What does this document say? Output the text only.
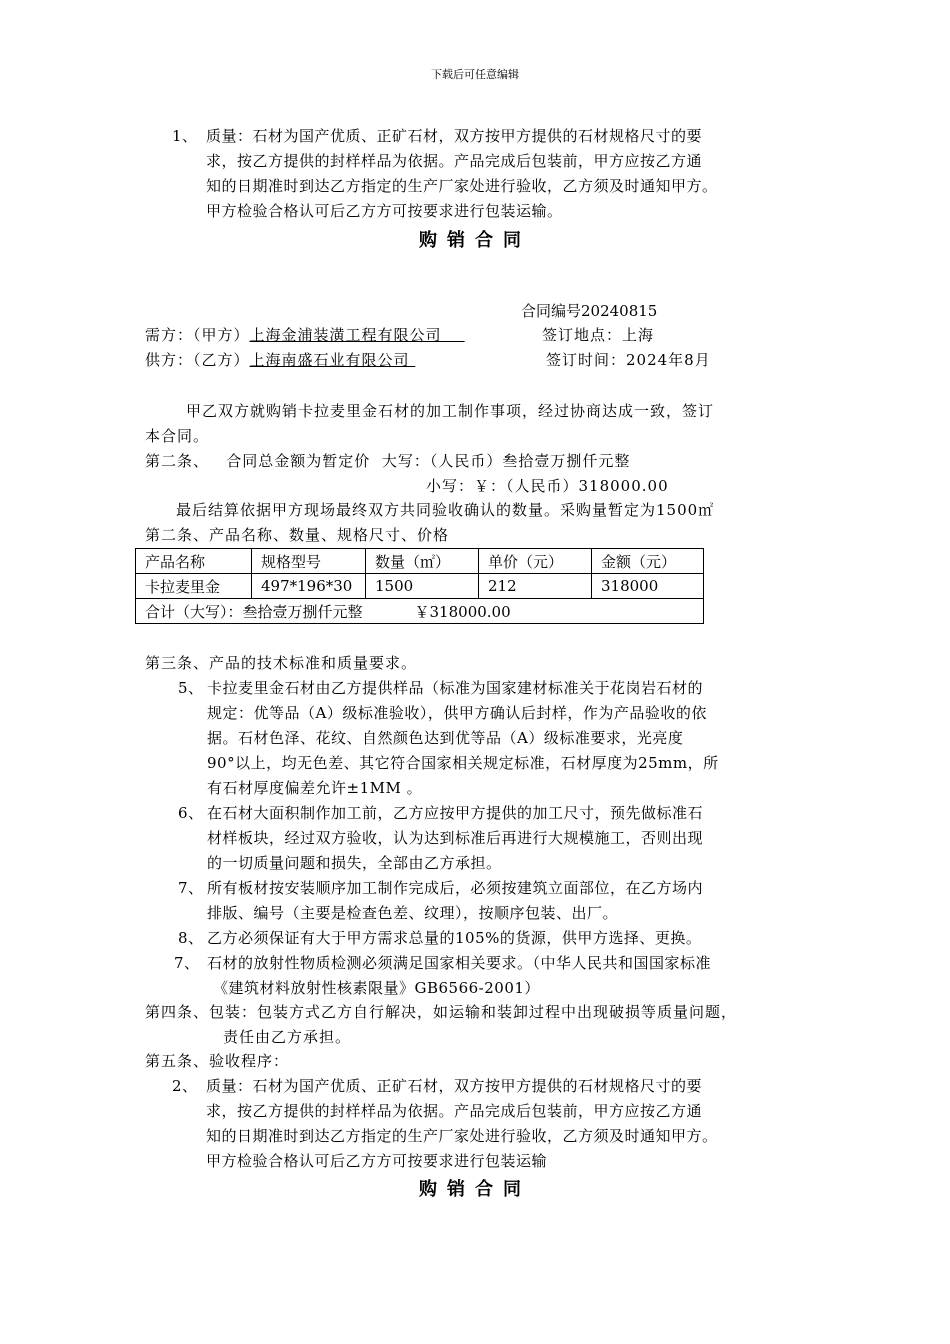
下载后可任意编辑
1、 质量：石材为国产优质、正矿石材，双方按甲方提供的石材规格尺寸的要
求，按乙方提供的封样样品为依据。产品完成后包装前，甲方应按乙方通
知的日期准时到达乙方指定的生产厂家处进行验收，乙方须及时通知甲方。
甲方检验合格认可后乙方方可按要求进行包装运输。
购销合同
合同编号20240815
需方：（甲方）上海金浦装潢工程有限公司	签订地点：上海
供方：（乙方）上海南盛石业有限公司	签订时间：2024年8月
甲乙双方就购销卡拉麦里金石材的加工制作事项，经过协商达成一致，签订
本合同。
第二条、   合同总金额为暂定价  大写：（人民币）叁拾壹万捌仟元整
小写：￥：（人民币）318000.00
最后结算依据甲方现场最终双方共同验收确认的数量。采购量暂定为1500㎡
第二条、产品名称、数量、规格尺寸、价格
产品名称	规格型号	数量（㎡）	单价（元）	金额（元）
卡拉麦里金	497*196*30	1500	212	318000
合计（大写）：叁拾壹万捌仟元整 ￥318000.00				
第三条、产品的技术标准和质量要求。
5、 卡拉麦里金石材由乙方提供样品（标准为国家建材标准关于花岗岩石材的
规定：优等品（A）级标准验收），供甲方确认后封样，作为产品验收的依
据。石材色泽、花纹、自然颜色达到优等品（A）级标准要求，光亮度
90°以上，均无色差、其它符合国家相关规定标准，石材厚度为25mm，所
有石材厚度偏差允许±1MM 。
6、 在石材大面积制作加工前，乙方应按甲方提供的加工尺寸，预先做标准石
材样板块，经过双方验收，认为达到标准后再进行大规模施工，否则出现
的一切质量问题和损失，全部由乙方承担。
7、 所有板材按安装顺序加工制作完成后，必须按建筑立面部位，在乙方场内
排版、编号（主要是检查色差、纹理），按顺序包装、出厂。
8、 乙方必须保证有大于甲方需求总量的105%的货源，供甲方选择、更换。
7、 石材的放射性物质检测必须满足国家相关要求。（中华人民共和国国家标准
《建筑材料放射性核素限量》GB6566-2001）
第四条、包装：包装方式乙方自行解决，如运输和装卸过程中出现破损等质量问题，
责任由乙方承担。
第五条、验收程序：
2、 质量：石材为国产优质、正矿石材，双方按甲方提供的石材规格尺寸的要
求，按乙方提供的封样样品为依据。产品完成后包装前，甲方应按乙方通
知的日期准时到达乙方指定的生产厂家处进行验收，乙方须及时通知甲方。
甲方检验合格认可后乙方方可按要求进行包装运输
购销合同
